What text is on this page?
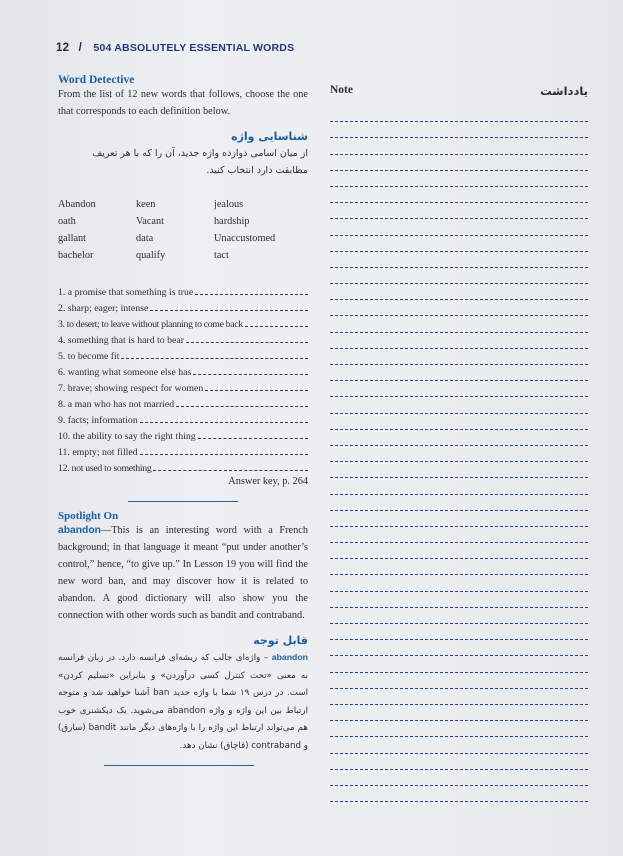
12 / 504 ABSOLUTELY ESSENTIAL WORDS

Word Detective

From the list of 12 new words that follows, choose the one that corresponds to each definition below.

شناسایی واژه
از میان اسامی دوازده واژه جدید، آن را که با هر تعریف مطابقت دارد انتخاب کنید.
Abandon	keen	jealous
oath	Vacant	hardship
gallant	data	Unaccustomed
bachelor	qualify	tact
1. a promise that something is true
2. sharp; eager; intense
3. to desert; to leave without planning to come back
4. something that is hard to bear
5. to become fit
6. wanting what someone else has
7. brave; showing respect for women
8. a man who has not married
9. facts; information
10. the ability to say the right thing
11. empty; not filled
12. not used to something
Answer key, p. 264
Spotlight On

abandon—This is an interesting word with a French background; in that language it meant “put under another’s control,” hence, “to give up.” In Lesson 19 you will find the new word ban, and may discover how it is related to abandon. A good dictionary will also show you the connection with other words such as bandit and contraband.

قابل توجه
abandon – واژه‌ای جالب که ریشه‌ای فرانسه دارد. در زبان فرانسه به معنی «تحت کنترل کسی درآوردن» و بنابراین «تسلیم کردن» است. در درس ۱۹ شما با واژه جدید ban آشنا خواهید شد و متوجه ارتباط بین این واژه و واژه abandon می‌شوید. یک دیکشنری خوب هم می‌تواند ارتباط این واژه را با واژه‌های دیگر مانند bandit (سارق) و contraband (قاچاق) نشان دهد.
Note	یادداشت
